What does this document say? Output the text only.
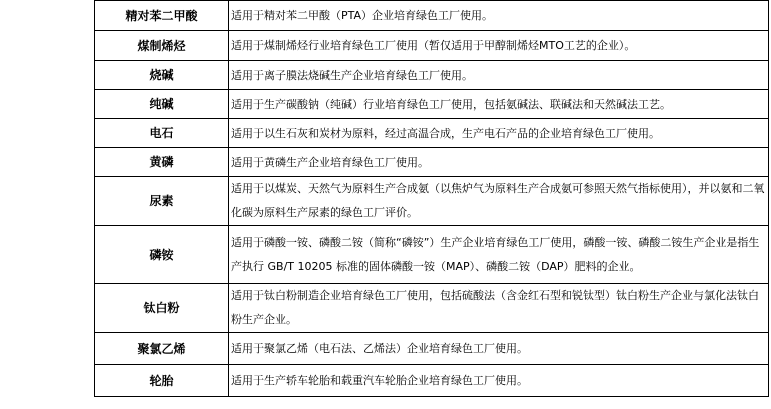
精对苯二甲酸	适用于精对苯二甲酸（PTA）企业培育绿色工厂使用。
煤制烯烃	适用于煤制烯烃行业培育绿色工厂使用（暂仅适用于甲醇制烯烃MTO工艺的企业）。
烧碱	适用于离子膜法烧碱生产企业培育绿色工厂使用。
纯碱	适用于生产碳酸钠（纯碱）行业培育绿色工厂使用，包括氨碱法、联碱法和天然碱法工艺。
电石	适用于以生石灰和炭材为原料，经过高温合成，生产电石产品的企业培育绿色工厂使用。
黄磷	适用于黄磷生产企业培育绿色工厂使用。
尿素	适用于以煤炭、天然气为原料生产合成氨（以焦炉气为原料生产合成氨可参照天然气指标使用），并以氨和二氧化碳为原料生产尿素的绿色工厂评价。
磷铵	适用于磷酸一铵、磷酸二铵（简称“磷铵”）生产企业培育绿色工厂使用，磷酸一铵、磷酸二铵生产企业是指生产执行 GB/T 10205 标准的固体磷酸一铵（MAP）、磷酸二铵（DAP）肥料的企业。
钛白粉	适用于钛白粉制造企业培育绿色工厂使用，包括硫酸法（含金红石型和锐钛型）钛白粉生产企业与氯化法钛白粉生产企业。
聚氯乙烯	适用于聚氯乙烯（电石法、乙烯法）企业培育绿色工厂使用。
轮胎	适用于生产轿车轮胎和载重汽车轮胎企业培育绿色工厂使用。
